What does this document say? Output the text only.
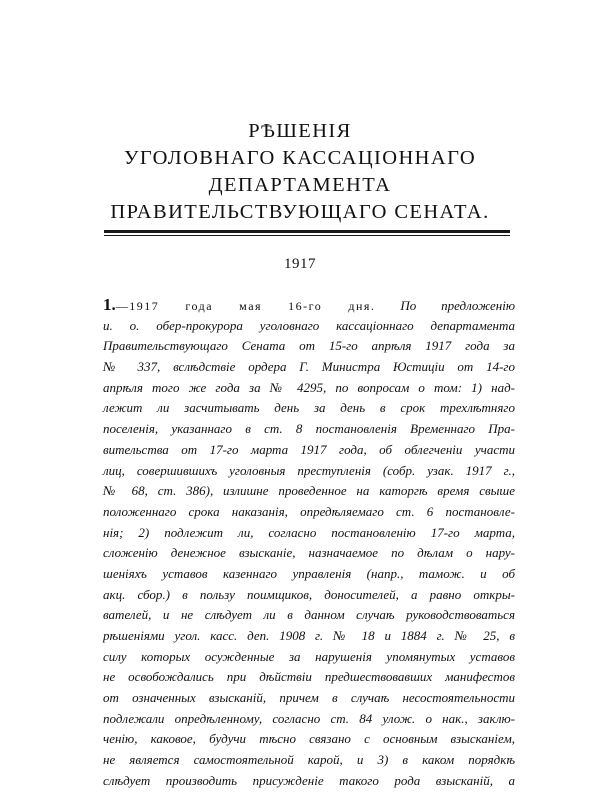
РѢШЕНІЯ
УГОЛОВНАГО КАССАЦІОННАГО
ДЕПАРТАМЕНТА
ПРАВИТЕЛЬСТВУЮЩАГО СЕНАТА.
1917
1.—1917 года мая 16-го дня. По предложенію
и. о. обер-прокурора уголовнаго кассаціоннаго департамента
Правительствующаго Сената от 15-го апрѣля 1917 года за
№ 337, вслѣдствіе ордера Г. Министра Юстиціи от 14-го
апрѣля того же года за № 4295, по вопросам о том: 1) над-
лежит ли засчитывать день за день в срок трехлѣтняго
поселенія, указаннаго в ст. 8 постановленія Временнаго Пра-
вительства от 17-го марта 1917 года, об облегченіи участи
лиц, совершившихъ уголовныя преступленія (собр. узак. 1917 г.,
№ 68, ст. 386), излишне проведенное на каторгѣ время свыше
положеннаго срока наказанія, опредѣляемаго ст. 6 постановле-
нія; 2) подлежит ли, согласно постановленію 17-го марта,
сложенію денежное взысканіе, назначаемое по дѣлам о нару-
шеніяхъ уставов казеннаго управленія (напр., тамож. и об
акц. сбор.) в пользу поимщиков, доносителей, а равно откры-
вателей, и не слѣдует ли в данном случаѣ руководствоваться
рѣшеніями угол. касс. деп. 1908 г. № 18 и 1884 г. № 25, в
силу которых осужденные за нарушенія упомянутых уставов
не освобождались при дѣйствіи предшествовавших манифестов
от означенных взысканій, причем в случаѣ несостоятельности
подлежали опредѣленному, согласно ст. 84 улож. о нак., заклю-
ченію, каковое, будучи тѣсно связано с основным взысканіем,
не является самостоятельной карой, и 3) в каком порядкѣ
слѣдует производить присужденіе такого рода взысканій, а
